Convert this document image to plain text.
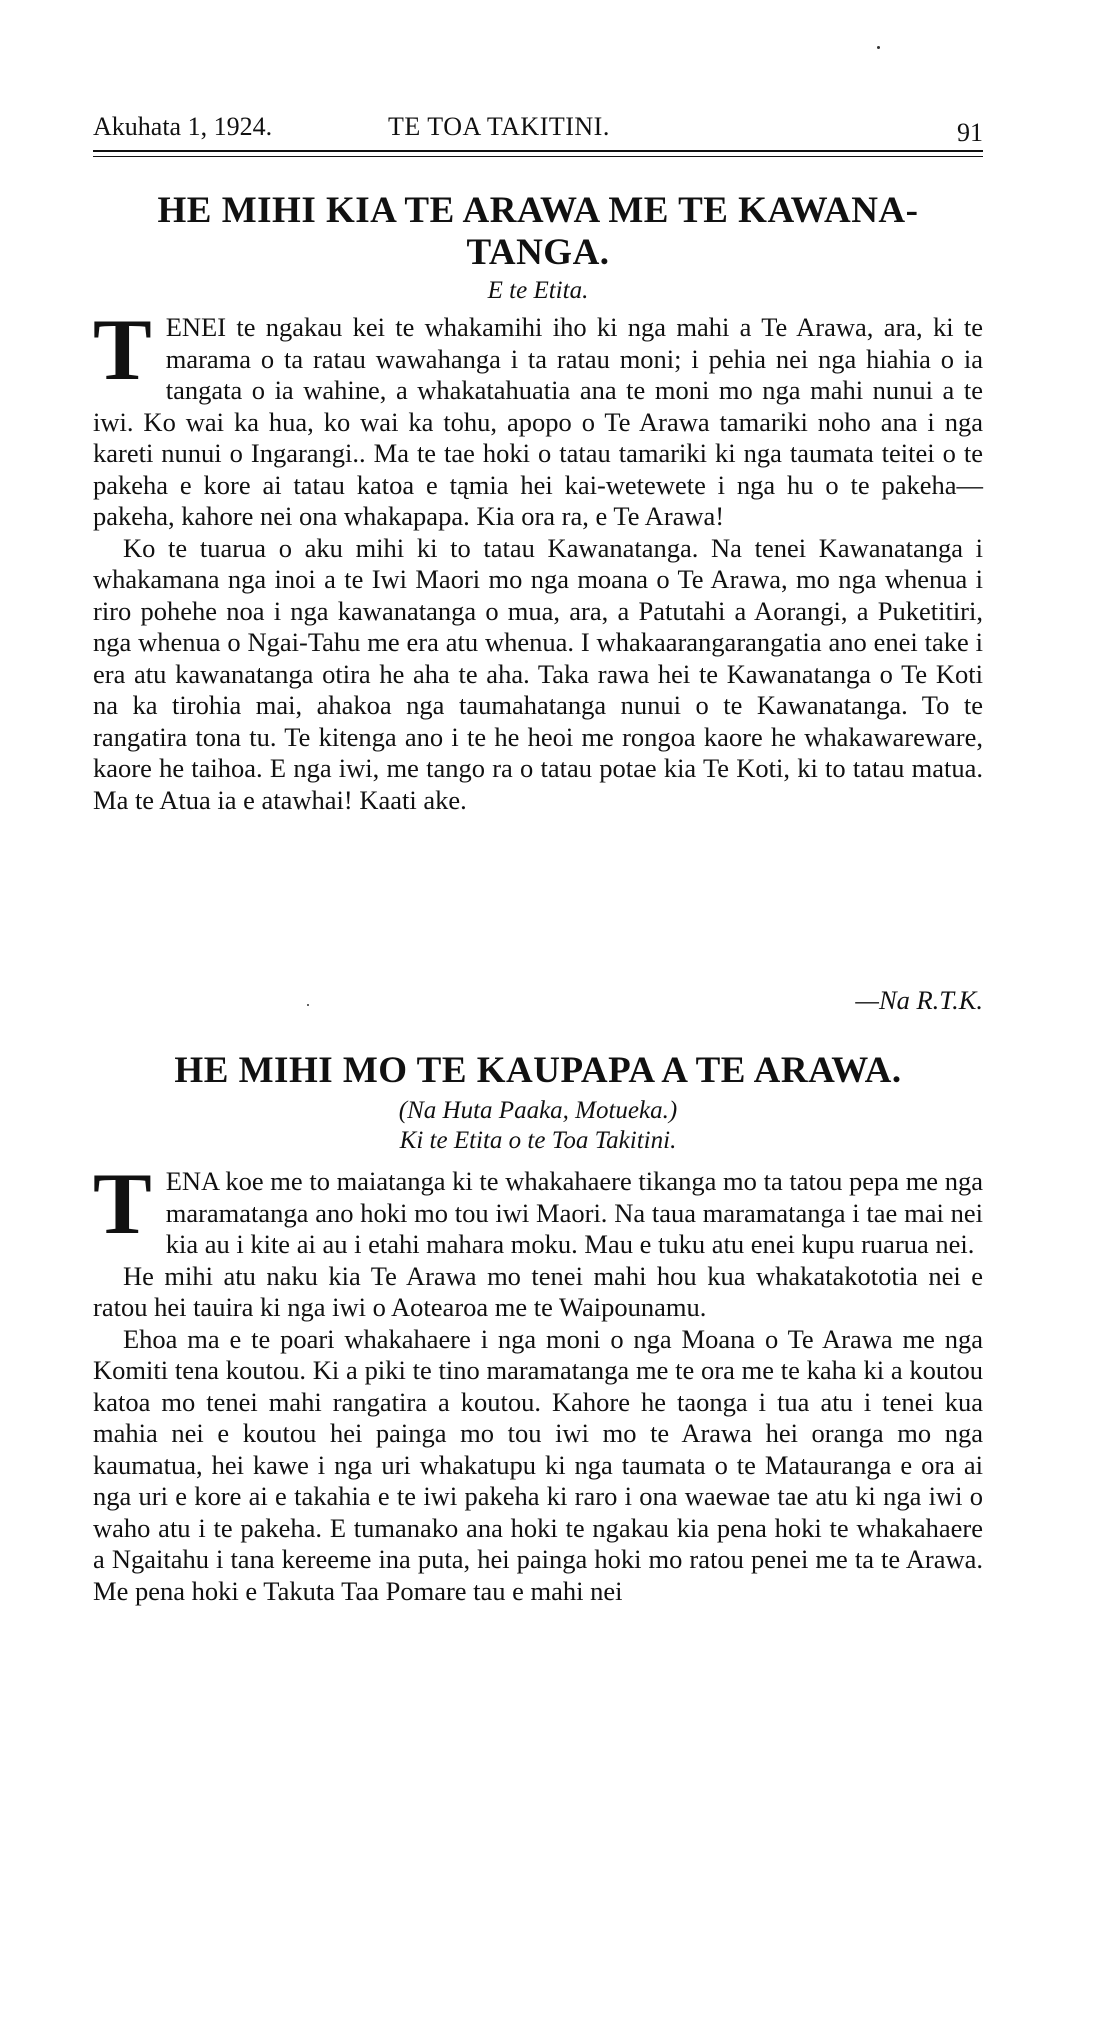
Akuhata 1, 1924.	TE TOA TAKITINI.	91
HE MIHI KIA TE ARAWA ME TE KAWANA-
TANGA.

E te Etita.

TENEI te ngakau kei te whakamihi iho ki nga mahi a Te Arawa, ara, ki te marama o ta ratau wawahanga i ta ratau moni; i pehia nei nga hiahia o ia tangata o ia wahine, a whakatahuatia ana te moni mo nga mahi nunui a te iwi. Ko wai ka hua, ko wai ka tohu, apopo o Te Arawa tamariki noho ana i nga kareti nunui o Ingarangi.. Ma te tae hoki o tatau tamariki ki nga taumata teitei o te pakeha e kore ai tatau katoa e tąmia hei kai-wetewete i nga hu o te pakeha—pakeha, kahore nei ona whakapapa. Kia ora ra, e Te Arawa!

Ko te tuarua o aku mihi ki to tatau Kawanatanga. Na tenei Kawanatanga i whakamana nga inoi a te Iwi Maori mo nga moana o Te Arawa, mo nga whenua i riro pohehe noa i nga kawanatanga o mua, ara, a Patutahi a Aorangi, a Puketitiri, nga whenua o Ngai-Tahu me era atu whenua. I whakaarangarangatia ano enei take i era atu kawanatanga otira he aha te aha. Taka rawa hei te Kawanatanga o Te Koti na ka tirohia mai, ahakoa nga taumahatanga nunui o te Kawanatanga. To te rangatira tona tu. Te kitenga ano i te he heoi me rongoa kaore he whakawareware, kaore he taihoa. E nga iwi, me tango ra o tatau potae kia Te Koti, ki to tatau matua. Ma te Atua ia e atawhai! Kaati ake.

—Na R.T.K.
HE MIHI MO TE KAUPAPA A TE ARAWA.

(Na Huta Paaka, Motueka.)

Ki te Etita o te Toa Takitini.

TENA koe me to maiatanga ki te whakahaere tikanga mo ta tatou pepa me nga maramatanga ano hoki mo tou iwi Maori. Na taua maramatanga i tae mai nei kia au i kite ai au i etahi mahara moku. Mau e tuku atu enei kupu ruarua nei.

He mihi atu naku kia Te Arawa mo tenei mahi hou kua whakatakototia nei e ratou hei tauira ki nga iwi o Aotearoa me te Waipounamu.

Ehoa ma e te poari whakahaere i nga moni o nga Moana o Te Arawa me nga Komiti tena koutou. Ki a piki te tino maramatanga me te ora me te kaha ki a koutou katoa mo tenei mahi rangatira a koutou. Kahore he taonga i tua atu i tenei kua mahia nei e koutou hei painga mo tou iwi mo te Arawa hei oranga mo nga kaumatua, hei kawe i nga uri whakatupu ki nga taumata o te Matauranga e ora ai nga uri e kore ai e takahia e te iwi pakeha ki raro i ona waewae tae atu ki nga iwi o waho atu i te pakeha. E tumanako ana hoki te ngakau kia pena hoki te whakahaere a Ngaitahu i tana kereeme ina puta, hei painga hoki mo ratou penei me ta te Arawa. Me pena hoki e Takuta Taa Pomare tau e mahi nei
